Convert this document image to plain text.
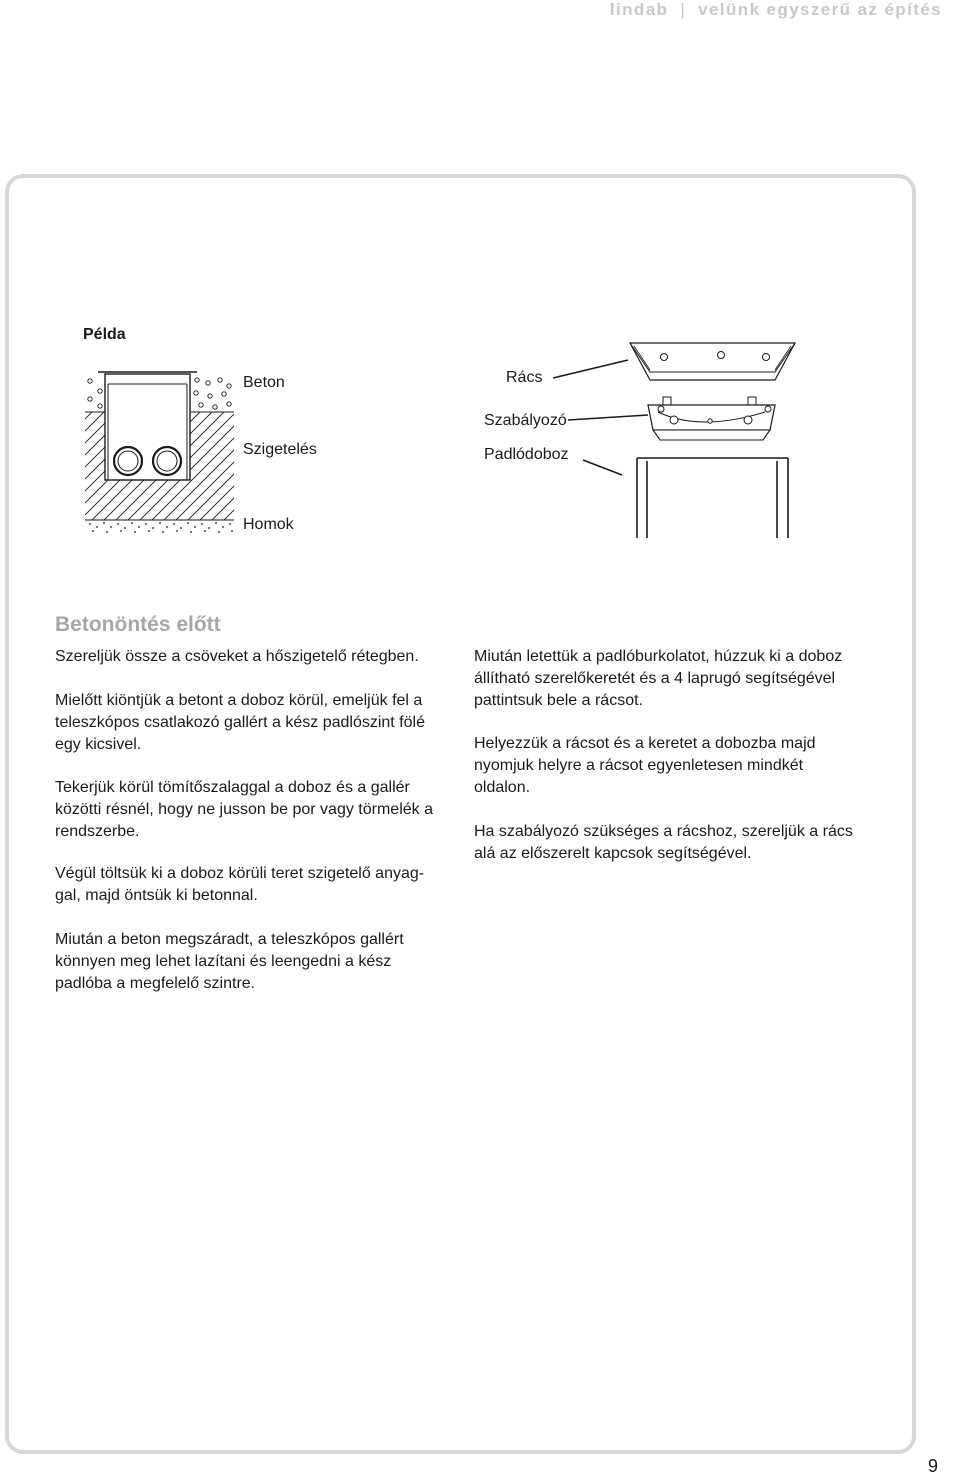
lindab | velünk egyszerű az építés
Példa
Beton
Szigetelés
Homok
Rács
Szabályozó
Padlódoboz
Betonöntés előtt

Szereljük össze a csöveket a hőszigetelő rétegben.

Mielőtt kiöntjük a betont a doboz körül, emeljük fel a teleszkópos csatlakozó gallért a kész padlószint fölé egy kicsivel.

Tekerjük körül tömítőszalaggal a doboz és a gallér közötti résnél, hogy ne jusson be por vagy törmelék a rendszerbe.

Végül töltsük ki a doboz körüli teret szigetelő anyag-gal, majd öntsük ki betonnal.

Miután a beton megszáradt, a teleszkópos gallért könnyen meg lehet lazítani és leengedni a kész padlóba a megfelelő szintre.

Miután letettük a padlóburkolatot, húzzuk ki a doboz állítható szerelőkeretét és a 4 laprugó segítségével pattintsuk bele a rácsot.

Helyezzük a rácsot és a keretet a dobozba majd nyomjuk helyre a rácsot egyenletesen mindkét oldalon.

Ha szabályozó szükséges a rácshoz, szereljük a rács alá az előszerelt kapcsok segítségével.

9
